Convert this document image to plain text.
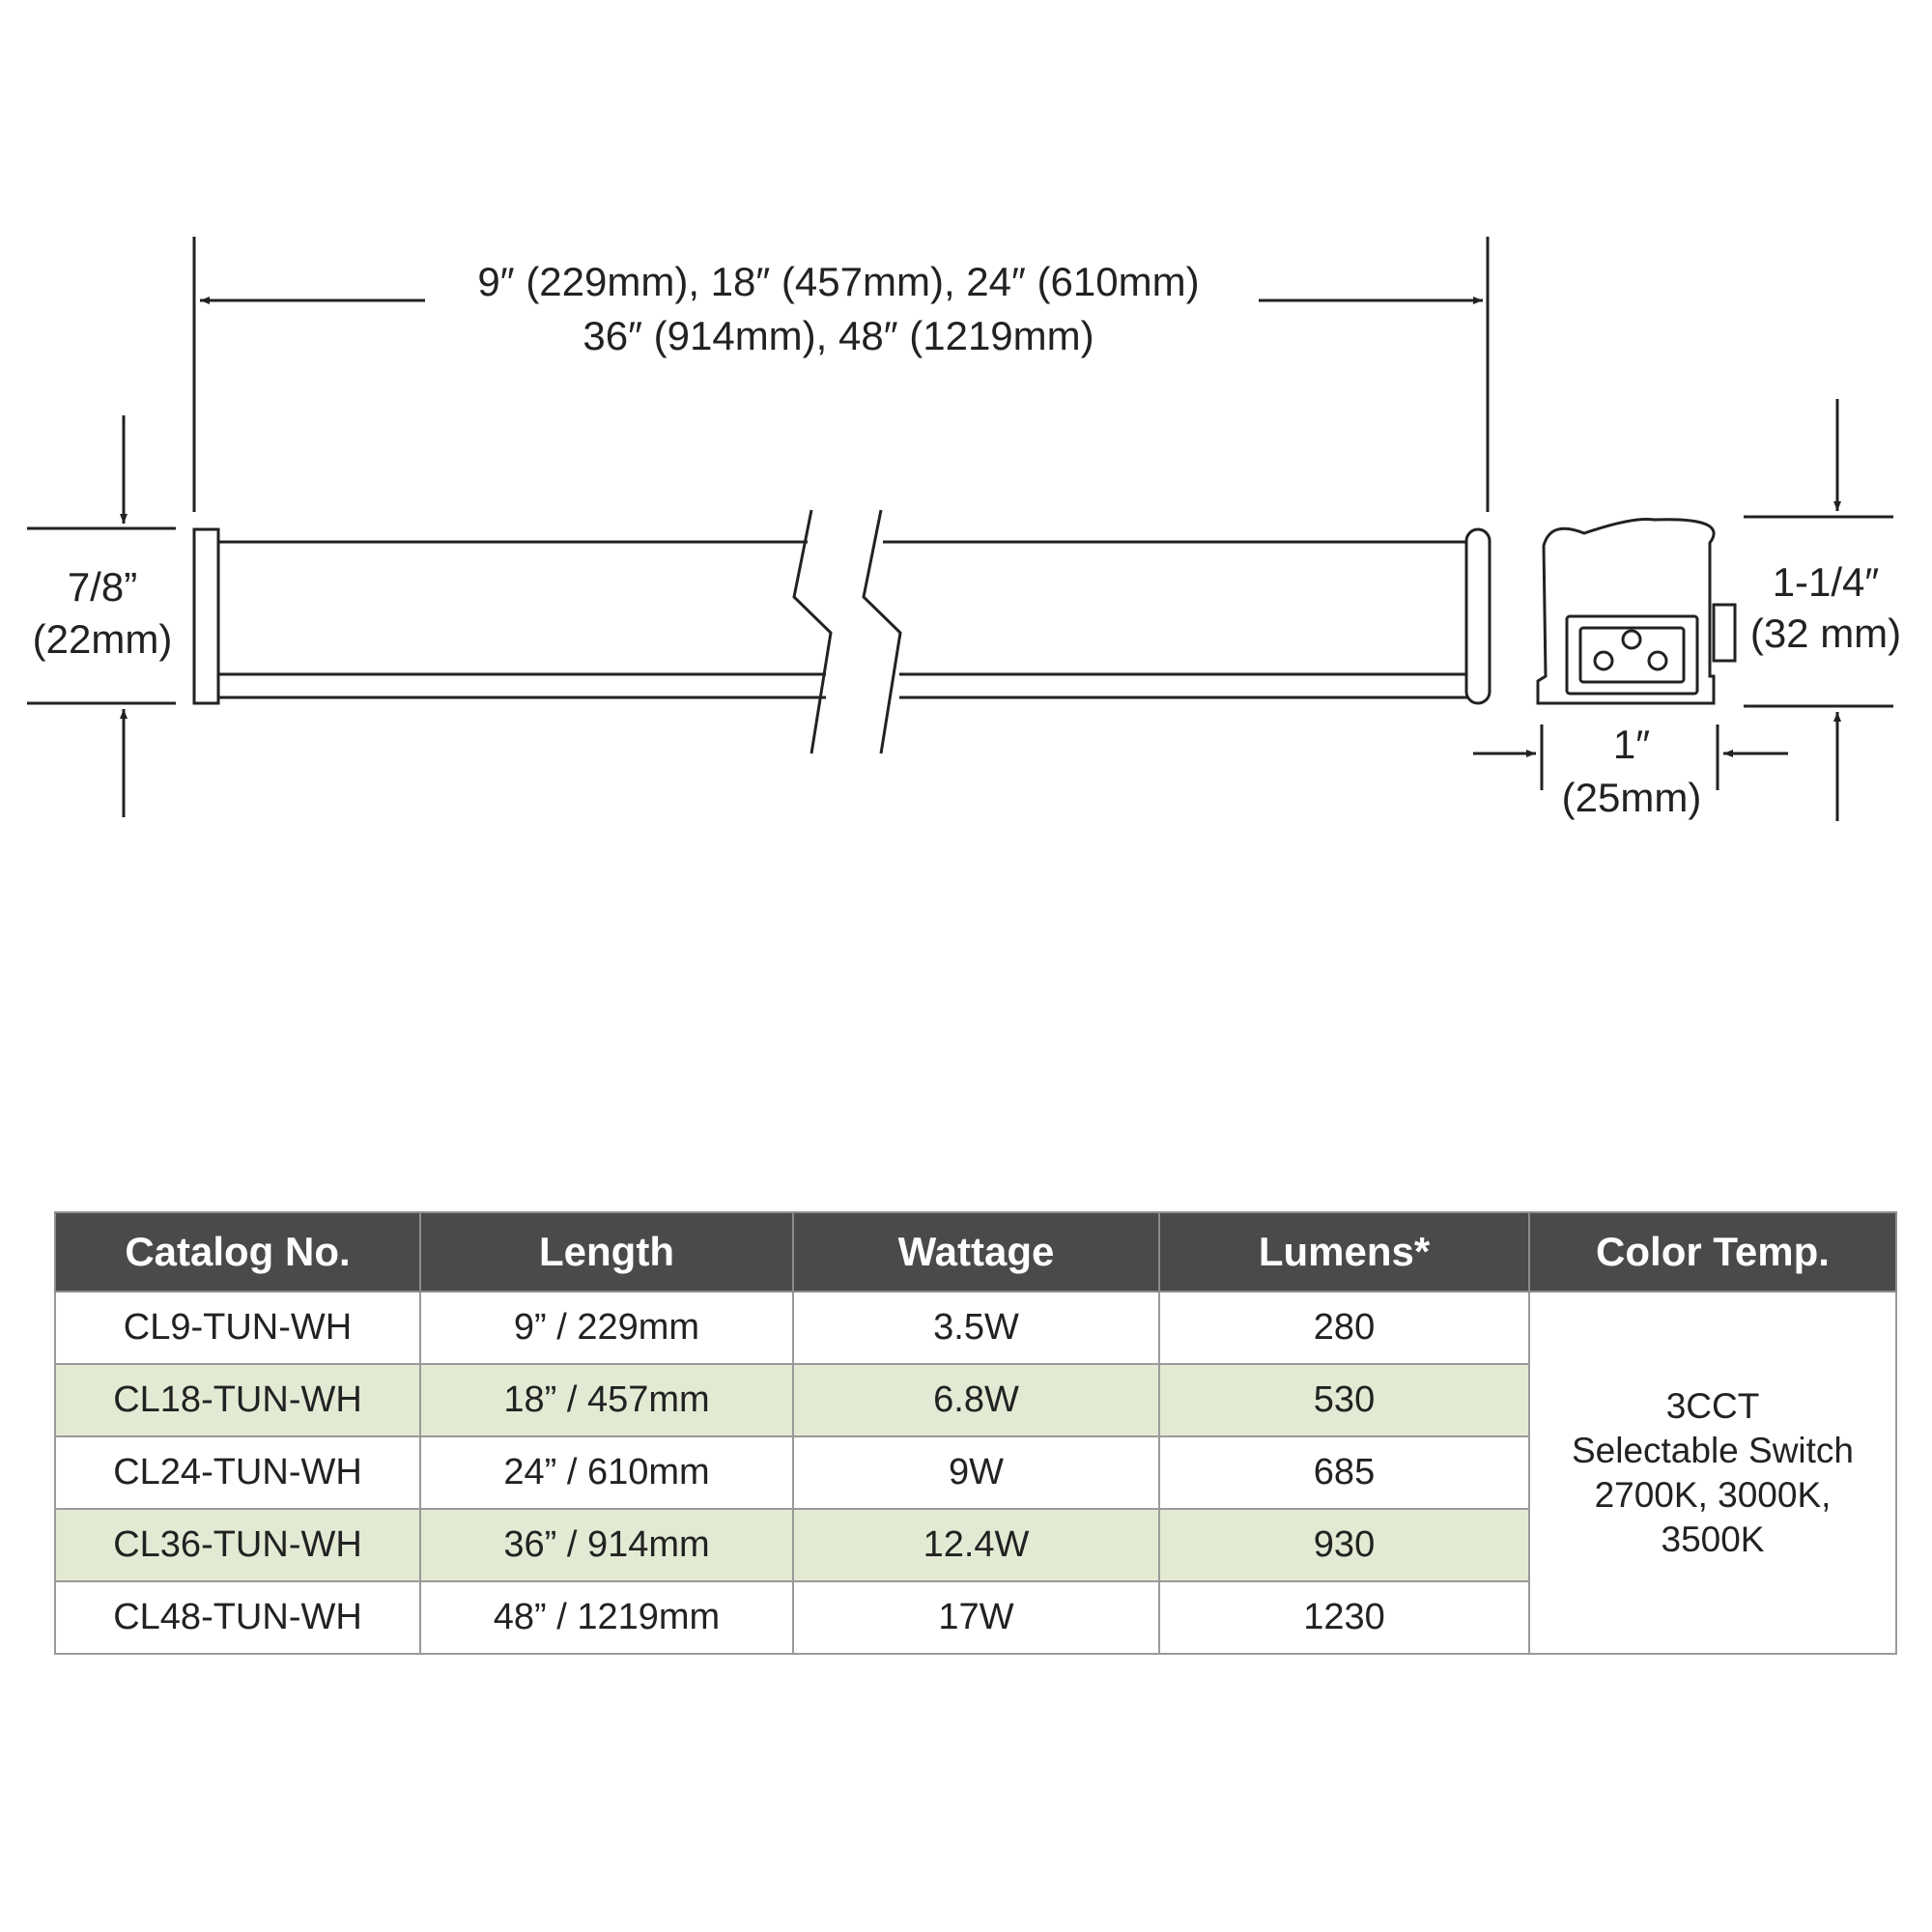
9″ (229mm), 18″ (457mm), 24″ (610mm)
36″ (914mm), 48″ (1219mm)
7/8”
(22mm)
1-1/4″
(32 mm)
1″
(25mm)
Catalog No.	Length	Wattage	Lumens*	Color Temp.
CL9-TUN-WH	9” / 229mm	3.5W	280	3CCT
Selectable Switch
2700K, 3000K,
3500K

CL18-TUN-WH	18” / 457mm	6.8W	530	
CL24-TUN-WH	24” / 610mm	9W	685	
CL36-TUN-WH	36” / 914mm	12.4W	930	
CL48-TUN-WH	48” / 1219mm	17W	1230	
